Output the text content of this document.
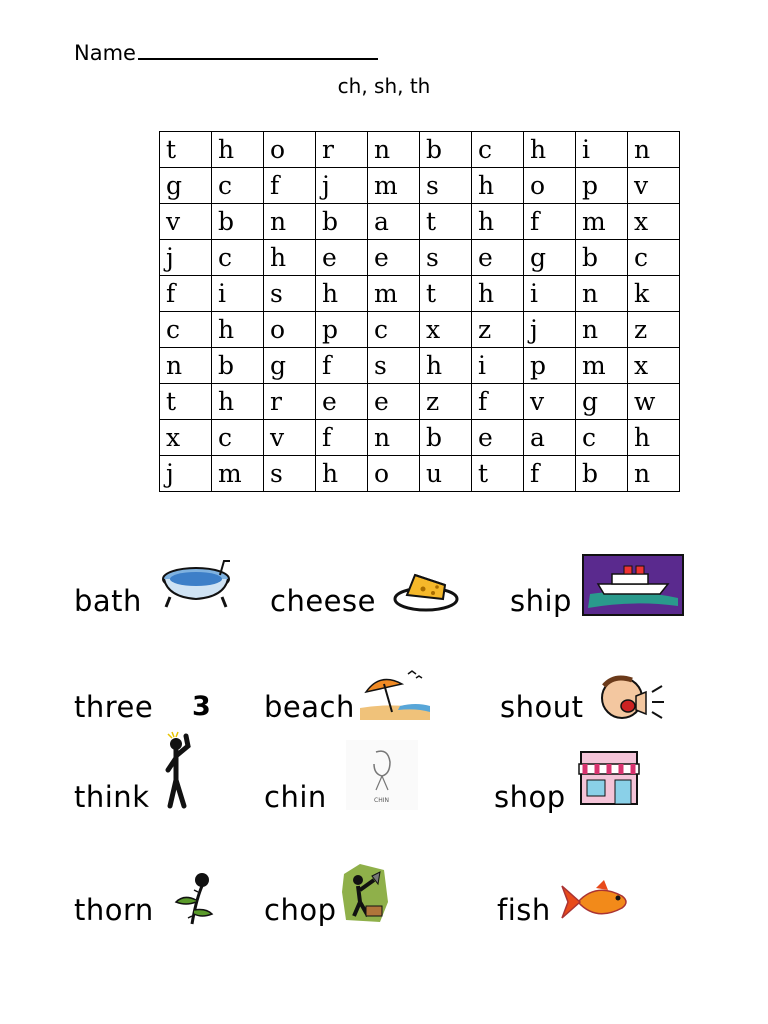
Name
ch, sh, th
t	h	o	r	n	b	c	h	i	n
g	c	f	j	m	s	h	o	p	v
v	b	n	b	a	t	h	f	m	x
j	c	h	e	e	s	e	g	b	c
f	i	s	h	m	t	h	i	n	k
c	h	o	p	c	x	z	j	n	z
n	b	g	f	s	h	i	p	m	x
t	h	r	e	e	z	f	v	g	w
x	c	v	f	n	b	e	a	c	h
j	m	s	h	o	u	t	f	b	n
bath	cheese	ship
three 3 beach	shout
think	chin	CHIN	shop
thorn	chop	fish
